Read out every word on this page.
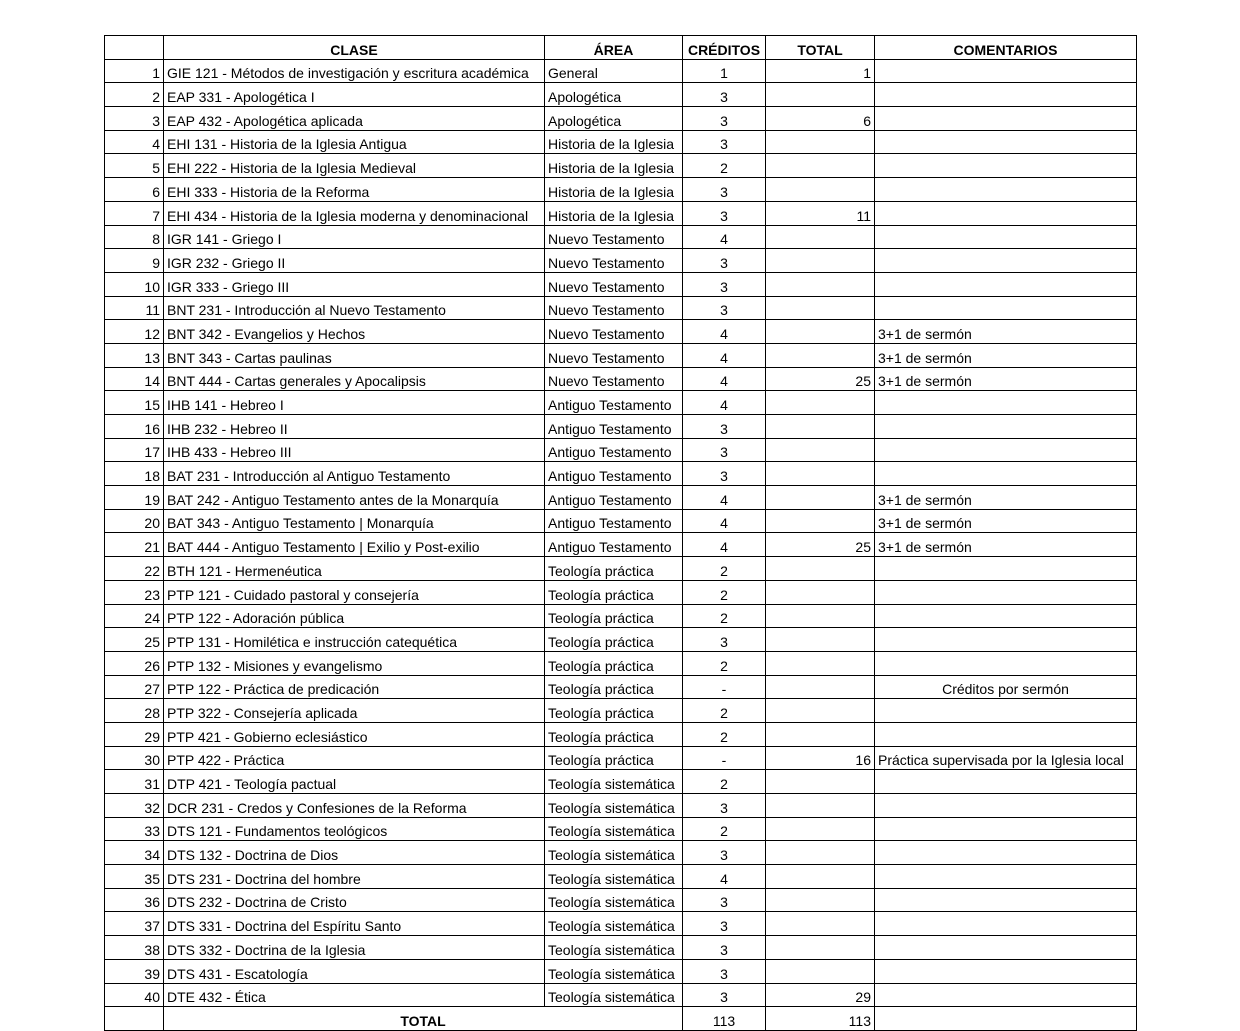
	CLASE	ÁREA	CRÉDITOS	TOTAL	COMENTARIOS
1	GIE 121 - Métodos de investigación y escritura académica	General	1	1	
2	EAP 331 - Apologética I	Apologética	3		
3	EAP 432 - Apologética aplicada	Apologética	3	6	
4	EHI 131 - Historia de la Iglesia Antigua	Historia de la Iglesia	3		
5	EHI 222 - Historia de la Iglesia Medieval	Historia de la Iglesia	2		
6	EHI 333 - Historia de la Reforma	Historia de la Iglesia	3		
7	EHI 434 - Historia de la Iglesia moderna y denominacional	Historia de la Iglesia	3	11	
8	IGR 141 - Griego I	Nuevo Testamento	4		
9	IGR 232 - Griego II	Nuevo Testamento	3		
10	IGR 333 - Griego III	Nuevo Testamento	3		
11	BNT 231 - Introducción al Nuevo Testamento	Nuevo Testamento	3		
12	BNT 342 - Evangelios y Hechos	Nuevo Testamento	4		3+1 de sermón
13	BNT 343 - Cartas paulinas	Nuevo Testamento	4		3+1 de sermón
14	BNT 444 - Cartas generales y Apocalipsis	Nuevo Testamento	4	25	3+1 de sermón
15	IHB 141 - Hebreo I	Antiguo Testamento	4		
16	IHB 232 - Hebreo II	Antiguo Testamento	3		
17	IHB 433 - Hebreo III	Antiguo Testamento	3		
18	BAT 231 - Introducción al Antiguo Testamento	Antiguo Testamento	3		
19	BAT 242 - Antiguo Testamento antes de la Monarquía	Antiguo Testamento	4		3+1 de sermón
20	BAT 343 - Antiguo Testamento | Monarquía	Antiguo Testamento	4		3+1 de sermón
21	BAT 444 - Antiguo Testamento | Exilio y Post-exilio	Antiguo Testamento	4	25	3+1 de sermón
22	BTH 121 - Hermenéutica	Teología práctica	2		
23	PTP 121 - Cuidado pastoral y consejería	Teología práctica	2		
24	PTP 122 - Adoración pública	Teología práctica	2		
25	PTP 131 - Homilética e instrucción catequética	Teología práctica	3		
26	PTP 132 - Misiones y evangelismo	Teología práctica	2		
27	PTP 122 - Práctica de predicación	Teología práctica	-		Créditos por sermón
28	PTP 322 - Consejería aplicada	Teología práctica	2		
29	PTP 421 - Gobierno eclesiástico	Teología práctica	2		
30	PTP 422 - Práctica	Teología práctica	-	16	Práctica supervisada por la Iglesia local
31	DTP 421 - Teología pactual	Teología sistemática	2		
32	DCR 231 - Credos y Confesiones de la Reforma	Teología sistemática	3		
33	DTS 121 - Fundamentos teológicos	Teología sistemática	2		
34	DTS 132 - Doctrina de Dios	Teología sistemática	3		
35	DTS 231 - Doctrina del hombre	Teología sistemática	4		
36	DTS 232 - Doctrina de Cristo	Teología sistemática	3		
37	DTS 331 - Doctrina del Espíritu Santo	Teología sistemática	3		
38	DTS 332 - Doctrina de la Iglesia	Teología sistemática	3		
39	DTS 431 - Escatología	Teología sistemática	3		
40	DTE 432 - Ética	Teología sistemática	3	29	
	TOTAL		113	113	
